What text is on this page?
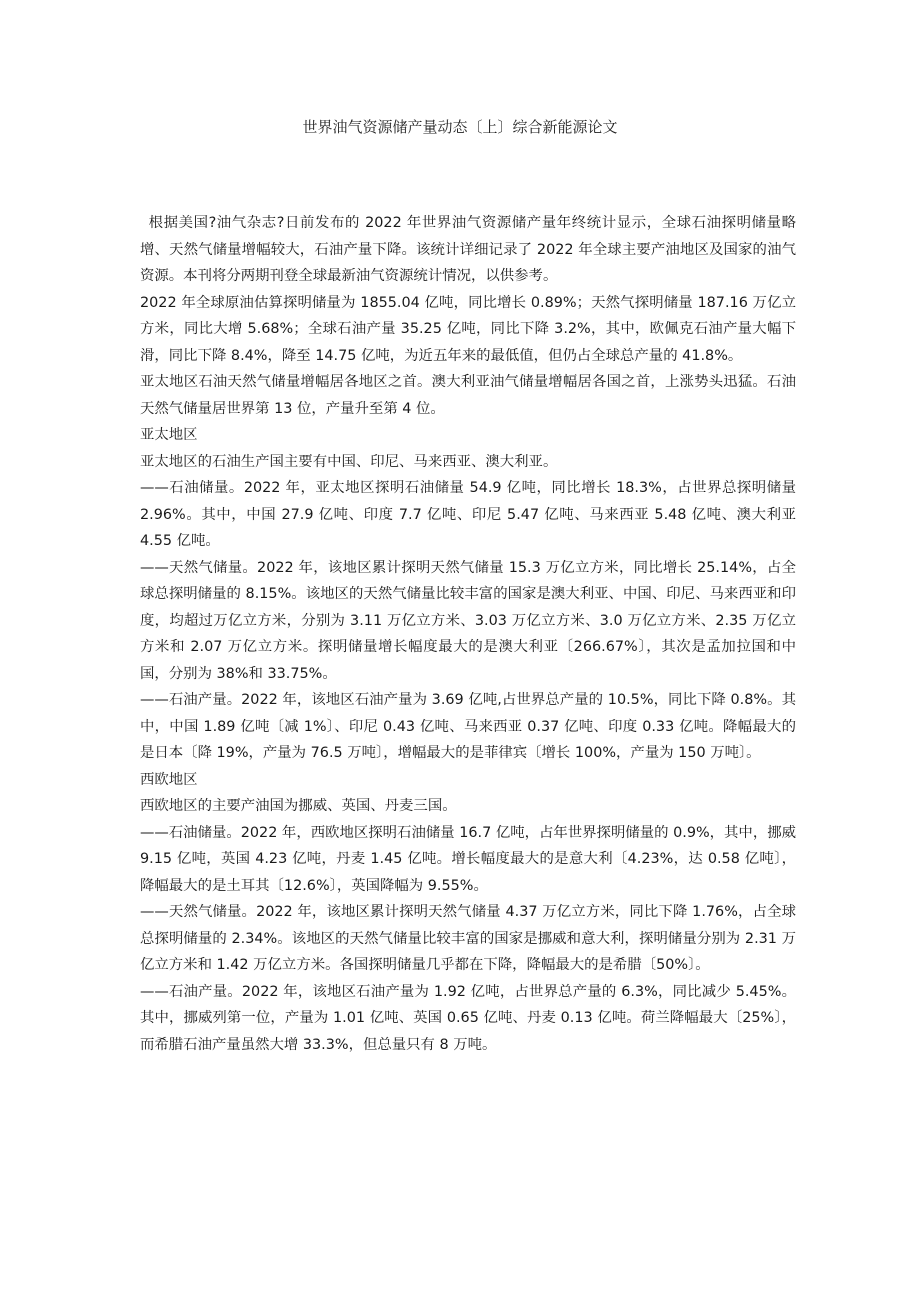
世界油气资源储产量动态〔上〕综合新能源论文

根据美国?油气杂志?日前发布的 2022 年世界油气资源储产量年终统计显示，全球石油探明储量略增、天然气储量增幅较大，石油产量下降。该统计详细记录了 2022 年全球主要产油地区及国家的油气资源。本刊将分两期刊登全球最新油气资源统计情况，以供参考。

2022 年全球原油估算探明储量为 1855.04 亿吨，同比增长 0.89%；天然气探明储量 187.16 万亿立方米，同比大增 5.68%；全球石油产量 35.25 亿吨，同比下降 3.2%，其中，欧佩克石油产量大幅下滑，同比下降 8.4%，降至 14.75 亿吨，为近五年来的最低值，但仍占全球总产量的 41.8%。

亚太地区石油天然气储量增幅居各地区之首。澳大利亚油气储量增幅居各国之首，上涨势头迅猛。石油天然气储量居世界第 13 位，产量升至第 4 位。

亚太地区

亚太地区的石油生产国主要有中国、印尼、马来西亚、澳大利亚。

——石油储量。2022 年，亚太地区探明石油储量 54.9 亿吨，同比增长 18.3%，占世界总探明储量 2.96%。其中，中国 27.9 亿吨、印度 7.7 亿吨、印尼 5.47 亿吨、马来西亚 5.48 亿吨、澳大利亚 4.55 亿吨。

——天然气储量。2022 年，该地区累计探明天然气储量 15.3 万亿立方米，同比增长 25.14%，占全球总探明储量的 8.15%。该地区的天然气储量比较丰富的国家是澳大利亚、中国、印尼、马来西亚和印度，均超过万亿立方米，分别为 3.11 万亿立方米、3.03 万亿立方米、3.0 万亿立方米、2.35 万亿立方米和 2.07 万亿立方米。探明储量增长幅度最大的是澳大利亚〔266.67%〕，其次是孟加拉国和中国，分别为 38%和 33.75%。

——石油产量。2022 年，该地区石油产量为 3.69 亿吨,占世界总产量的 10.5%，同比下降 0.8%。其中，中国 1.89 亿吨〔减 1%〕、印尼 0.43 亿吨、马来西亚 0.37 亿吨、印度 0.33 亿吨。降幅最大的是日本〔降 19%，产量为 76.5 万吨〕，增幅最大的是菲律宾〔增长 100%，产量为 150 万吨〕。

西欧地区

西欧地区的主要产油国为挪威、英国、丹麦三国。

——石油储量。2022 年，西欧地区探明石油储量 16.7 亿吨，占年世界探明储量的 0.9%，其中，挪威 9.15 亿吨，英国 4.23 亿吨，丹麦 1.45 亿吨。增长幅度最大的是意大利〔4.23%，达 0.58 亿吨〕，降幅最大的是土耳其〔12.6%〕，英国降幅为 9.55%。

——天然气储量。2022 年，该地区累计探明天然气储量 4.37 万亿立方米，同比下降 1.76%，占全球总探明储量的 2.34%。该地区的天然气储量比较丰富的国家是挪威和意大利，探明储量分别为 2.31 万亿立方米和 1.42 万亿立方米。各国探明储量几乎都在下降，降幅最大的是希腊〔50%〕。

——石油产量。2022 年，该地区石油产量为 1.92 亿吨，占世界总产量的 6.3%，同比减少 5.45%。其中，挪威列第一位，产量为 1.01 亿吨、英国 0.65 亿吨、丹麦 0.13 亿吨。荷兰降幅最大〔25%〕，而希腊石油产量虽然大增 33.3%，但总量只有 8 万吨。
